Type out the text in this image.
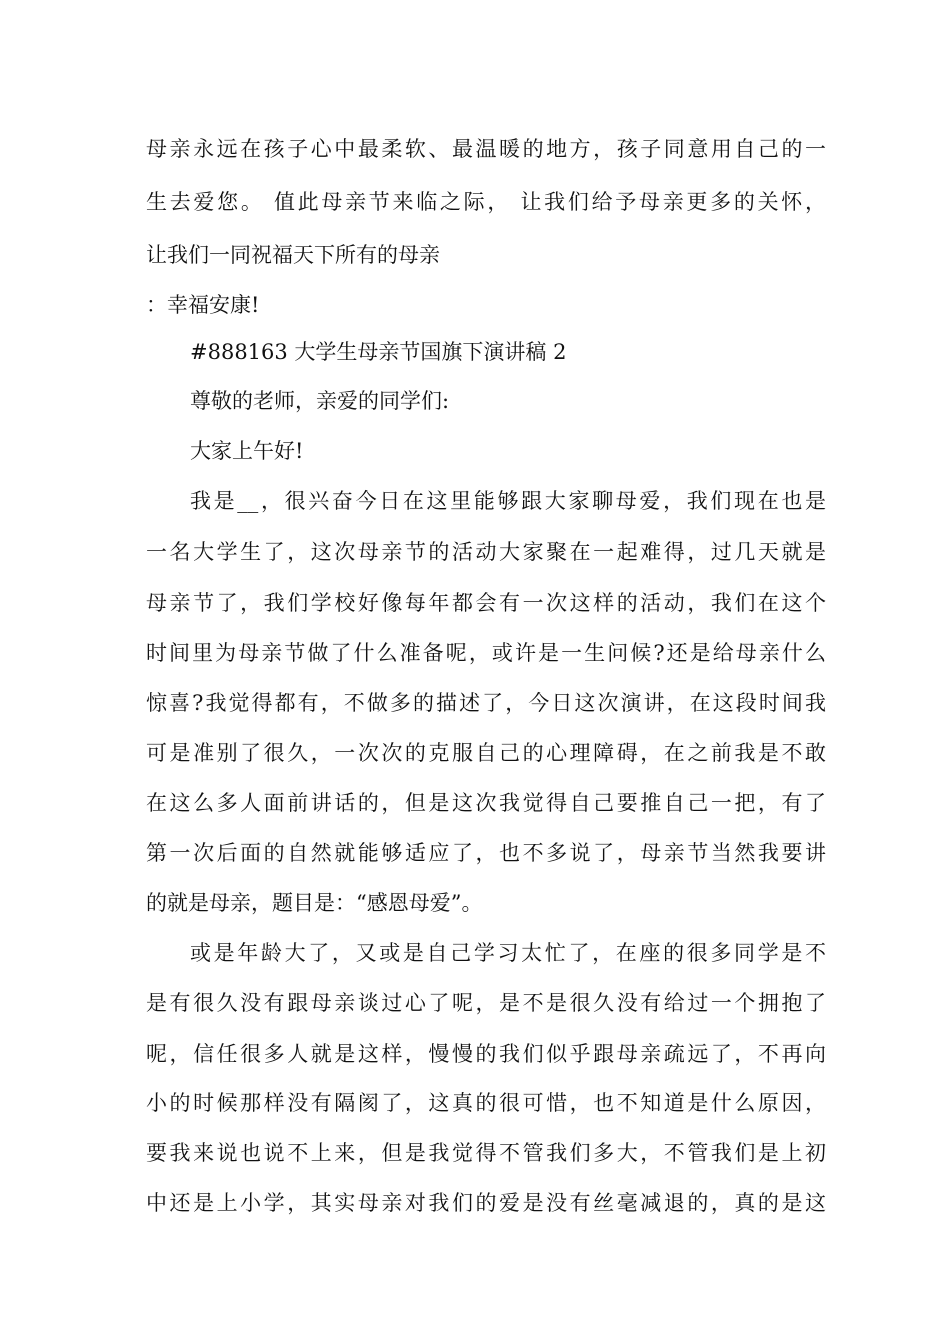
母亲永远在孩子心中最柔软、最温暖的地方，孩子同意用自己的一
生去爱您。 值此母亲节来临之际， 让我们给予母亲更多的关怀，
让我们一同祝福天下所有的母亲
：幸福安康!
#888163 大学生母亲节国旗下演讲稿 2
尊敬的老师，亲爱的同学们:
大家上午好!
我是__，很兴奋今日在这里能够跟大家聊母爱，我们现在也是
一名大学生了，这次母亲节的活动大家聚在一起难得，过几天就是
母亲节了，我们学校好像每年都会有一次这样的活动，我们在这个
时间里为母亲节做了什么准备呢，或许是一生问候?还是给母亲什么
惊喜?我觉得都有，不做多的描述了，今日这次演讲，在这段时间我
可是准别了很久，一次次的克服自己的心理障碍，在之前我是不敢
在这么多人面前讲话的，但是这次我觉得自己要推自己一把，有了
第一次后面的自然就能够适应了，也不多说了，母亲节当然我要讲
的就是母亲，题目是：“感恩母爱”。
或是年龄大了，又或是自己学习太忙了，在座的很多同学是不
是有很久没有跟母亲谈过心了呢，是不是很久没有给过一个拥抱了
呢，信任很多人就是这样，慢慢的我们似乎跟母亲疏远了，不再向
小的时候那样没有隔阂了，这真的很可惜，也不知道是什么原因，
要我来说也说不上来，但是我觉得不管我们多大，不管我们是上初
中还是上小学，其实母亲对我们的爱是没有丝毫减退的，真的是这
